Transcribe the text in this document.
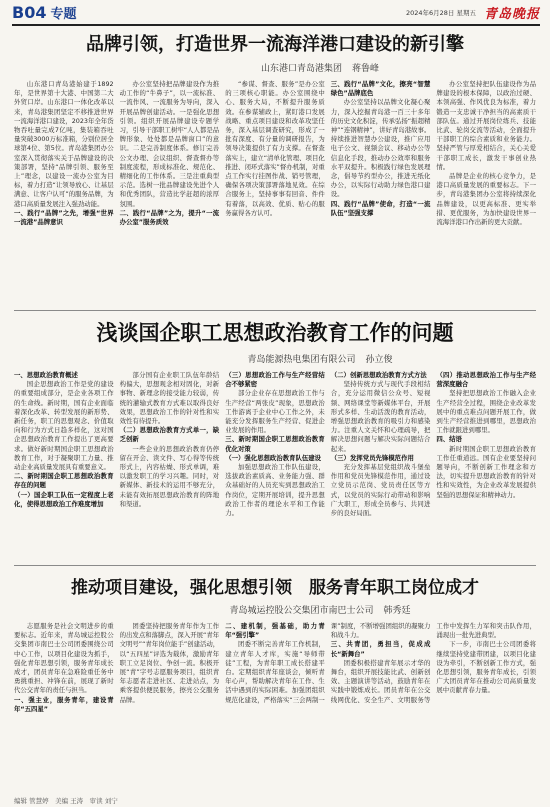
B04 专题	2024年6月28日 星期五 青岛晚报
品牌引领，打造世界一流海洋港口建设的新引擎
山东港口青岛港集团 蒋鲁峰

山东港口青岛港始建于1892年，是世界第十大港、中国第二大外贸口岸。山东港口一体化改革以来，青岛港集团坚定不移推进世界一流海洋港口建设，2023年全年货物吞吐量完成7亿吨，集装箱吞吐量突破3000万标准箱，分别位居全球第4位、第5位。青岛港集团办公室深入贯彻落实关于品牌建设的决策部署，坚持“品牌引领、服务至上”理念，以建设一流办公室为目标，着力打造“让领导放心、让基层满意、让客户认可”的服务品牌，为港口高质量发展注入强劲动能。

一、践行“品牌”之先，增强“世界一流港”品牌意识

办公室坚持把品牌建设作为推动工作的“牛鼻子”，以一流标准、一流作风、一流服务为导向，深入开展品牌创建活动。一是强化思想引领。组织开展品牌建设专题学习，引导干部职工树牢“人人都是品牌形象、处处都是品牌窗口”的意识。二是完善制度体系。修订完善公文办理、会议组织、督查督办等制度流程，形成标准化、规范化、精细化的工作体系。三是注重典型示范。选树一批品牌建设先进个人和优秀团队，营造比学赶超的浓厚氛围。

二、践行“品牌”之为，提升“一流办公室”服务质效

“参谋、督查、服务”是办公室的三项核心职能。办公室围绕中心、服务大局，不断提升服务质效。在参谋辅政上，紧盯港口发展战略、重点项目建设和改革攻坚任务，深入基层调查研究，形成了一批有深度、有分量的调研报告，为领导决策提供了有力支撑。在督查落实上，建立“清单化管理、项目化推进、闭环式落实”督办机制，对重点工作实行挂图作战、销号管理，确保各项决策部署落地见效。在综合服务上，坚持事事有回音、件件有着落，以高效、优质、贴心的服务赢得各方认可。

三、践行“品牌”文化，擦亮“智慧绿色”品牌底色

办公室坚持以品牌文化凝心聚力，深入挖掘青岛港一百三十多年的历史文化积淀，传承弘扬“振超精神”“连钢精神”，讲好青岛港故事。持续推进智慧办公建设，推广应用电子公文、视频会议、移动办公等信息化手段，推动办公效率和服务水平双提升。积极践行绿色发展理念，倡导节约型办公，推进无纸化办公，以实际行动助力绿色港口建设。

四、践行“品牌”使命，打造“一流队伍”坚强支撑

办公室坚持把队伍建设作为品牌建设的根本保障，以政治过硬、本领高强、作风优良为标准，着力锻造一支忠诚干净担当的高素质干部队伍。通过开展岗位练兵、技能比武、轮岗交流等活动，全面提升干部职工的综合素质和业务能力。坚持严管与厚爱相结合，关心关爱干部职工成长，激发干事创业热情。

品牌是企业的核心竞争力，是港口高质量发展的重要标志。下一步，青岛港集团办公室将持续深化品牌建设，以更高标准、更实举措、更优服务，为加快建设世界一流海洋港口作出新的更大贡献。

浅谈国企职工思想政治教育工作的问题
青岛能源热电集团有限公司 孙立俊
一、思想政治教育概述

国企思想政治工作是党的建设的重要组成部分，是企业各项工作的生命线。新时期，国有企业面临着深化改革、转型发展的新形势、新任务，职工的思想观念、价值取向和行为方式日趋多样化，这对国企思想政治教育工作提出了更高要求。做好新时期国企职工思想政治教育工作，对于凝聚职工力量、推动企业高质量发展具有重要意义。

二、新时期国企职工思想政治教育存在的问题
（一）国企职工队伍一定程度上老化，使得思想政治工作难度增加

部分国有企业职工队伍年龄结构偏大，思想观念相对固化，对新事物、新理念的接受能力较弱，传统的灌输式教育方式难以取得良好效果，思想政治工作的针对性和实效性有待提升。

（二）思想政治教育方式单一，缺乏创新

一些企业的思想政治教育仍停留在开会、读文件、写心得等传统形式上，内容枯燥、形式单调，难以激发职工的学习兴趣。同时，对新媒体、新技术的运用不够充分，未能有效拓展思想政治教育的阵地和渠道。

（三）思想政治工作与生产经营结合不够紧密

部分企业存在思想政治工作与生产经营“两张皮”现象，思想政治工作游离于企业中心工作之外，未能充分发挥服务生产经营、促进企业发展的作用。

三、新时期国企职工思想政治教育优化对策
（一）强化思想政治教育队伍建设

加强思想政治工作队伍建设，选拔政治素质高、业务能力强、群众基础好的人员充实到思想政治工作岗位，定期开展培训，提升思想政治工作者的理论水平和工作能力。

（二）创新思想政治教育方式方法

坚持传统方式与现代手段相结合，充分运用微信公众号、短视频、网络课堂等新媒体平台，开展形式多样、生动活泼的教育活动，增强思想政治教育的吸引力和感染力。注重人文关怀和心理疏导，把解决思想问题与解决实际问题结合起来。

（三）发挥党员先锋模范作用

充分发挥基层党组织战斗堡垒作用和党员先锋模范作用，通过设立党员示范岗、党员责任区等方式，以党员的实际行动带动和影响广大职工，形成全员参与、共同进步的良好局面。

（四）推动思想政治工作与生产经营深度融合

坚持把思想政治工作融入企业生产经营全过程，围绕企业改革发展中的重点难点问题开展工作，做到生产经营推进到哪里，思想政治工作就跟进到哪里。

四、结语

新时期国企职工思想政治教育工作任重道远。国有企业要坚持问题导向，不断创新工作理念和方法，切实提升思想政治教育的针对性和实效性，为企业改革发展提供坚强的思想保证和精神动力。

推动项目建设，强化思想引领　服务青年职工岗位成才
青岛城运控股公交集团市南巴士公司 韩秀廷

志愿服务是社会文明进步的重要标志。近年来，青岛城运控股公交集团市南巴士公司团委围绕公司中心工作，以项目化建设为抓手，强化青年思想引领，服务青年成长成才，团员青年在急难险重任务中勇挑重担、冲锋在前，展现了新时代公交青年的责任与担当。

一、强主业，服务青年，建设青年“五四星”

团委坚持把服务青年作为工作的出发点和落脚点，深入开展“青年文明号”“青年岗位能手”创建活动，以“五四星”评选为载体，激励青年职工立足岗位、争创一流。积极开展“青”字号志愿服务项目，组织青年志愿者走进社区、走进站点，为乘客提供便民服务，擦亮公交服务品牌。

二、建机制，强基础，助力青年“强引擎”

团委不断完善青年工作机制，建立青年人才库，实施“导师带徒”工程，为青年职工成长搭建平台。定期组织青年座谈会，倾听青年心声，帮助解决青年在工作、生活中遇到的实际困难。加强团组织规范化建设，严格落实“三会两制一课”制度，不断增强团组织的凝聚力和战斗力。

三、共青团，勇担当，促成成长“新舞台”

团委积极搭建青年展示才华的舞台，组织开展技能比武、创新创效、主题演讲等活动，鼓励青年在实践中锻炼成长。团员青年在公交线网优化、安全生产、文明服务等工作中发挥生力军和突击队作用，涌现出一批先进典型。

下一步，市南巴士公司团委将继续坚持党建带团建，以项目化建设为牵引，不断创新工作方式，强化思想引领，服务青年成长，引领广大团员青年在推动公司高质量发展中贡献青春力量。

编辑 管慧婷　美编 王涛　审读 刘宁
